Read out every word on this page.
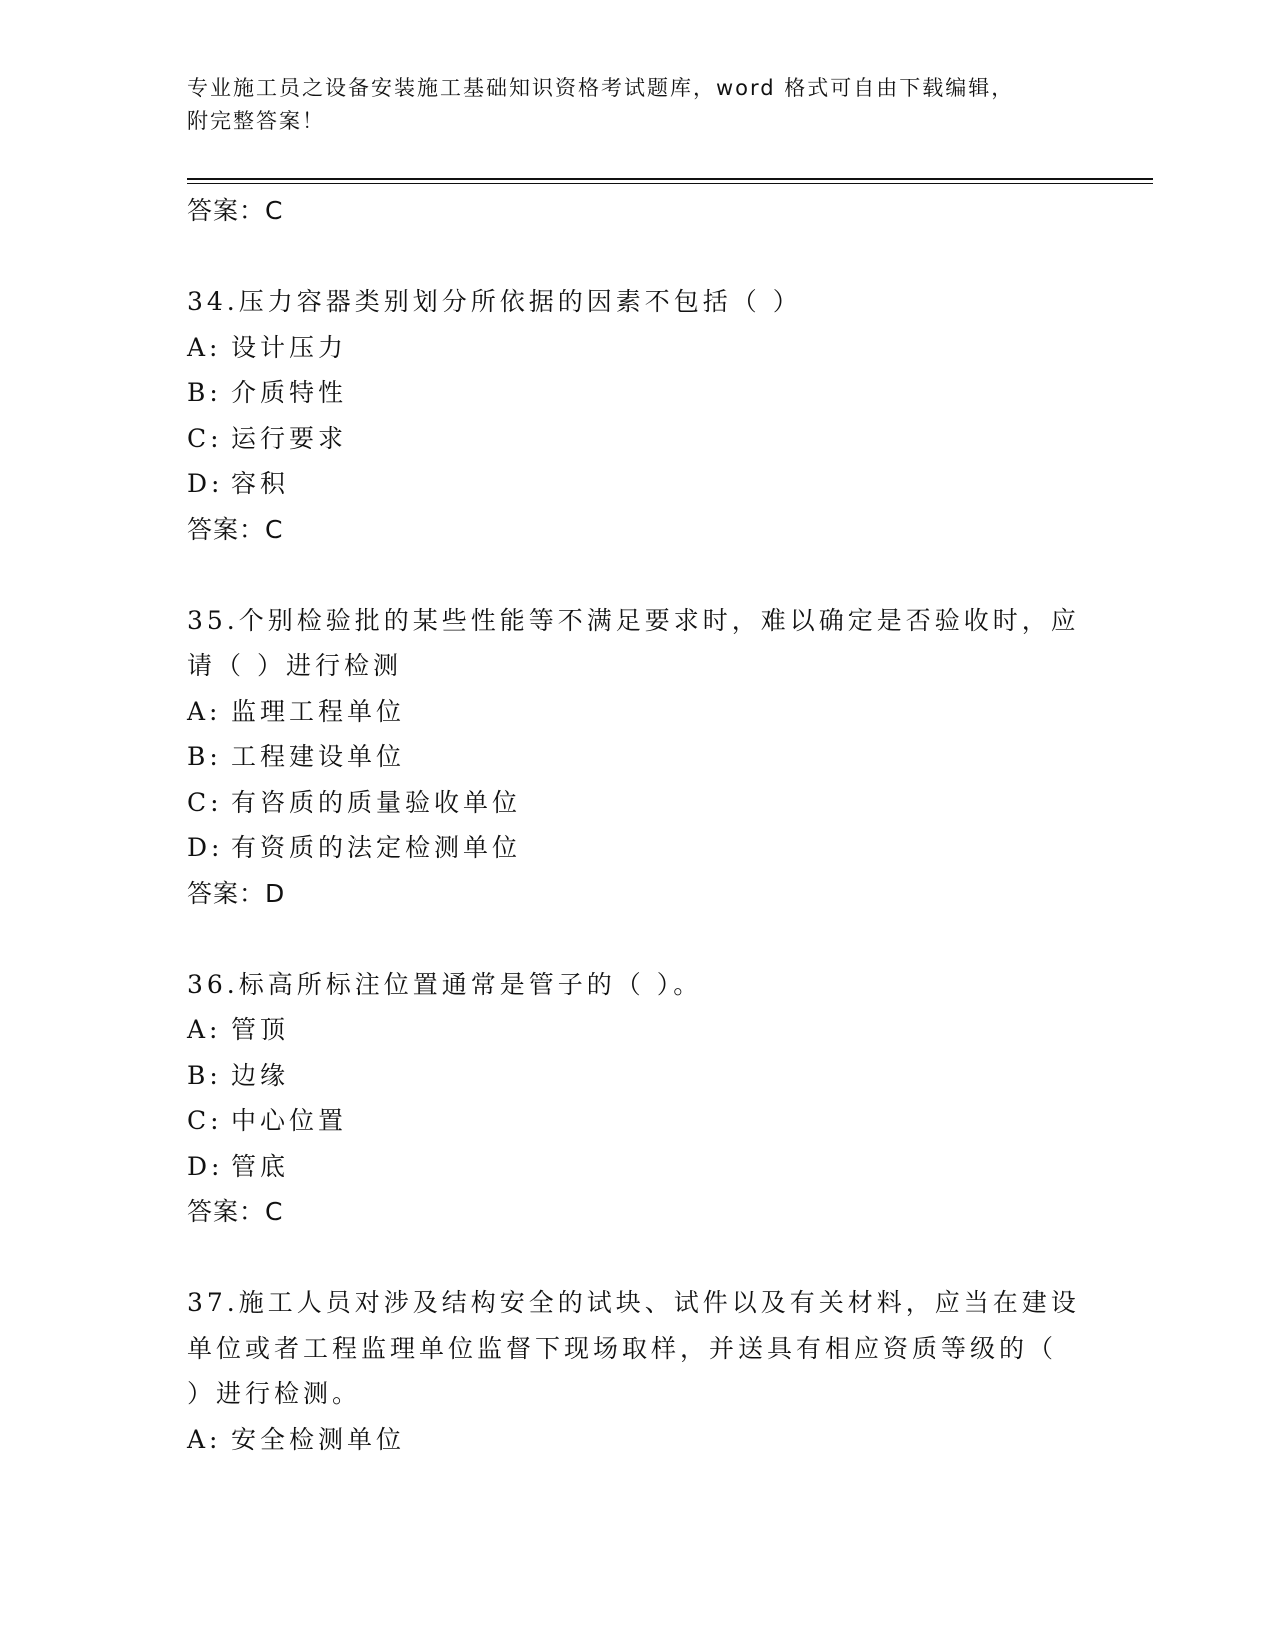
专业施工员之设备安装施工基础知识资格考试题库，word 格式可自由下载编辑，
附完整答案！
答案：C
34.压力容器类别划分所依据的因素不包括（ ）
A: 设计压力
B: 介质特性
C: 运行要求
D: 容积
答案：C
35.个别检验批的某些性能等不满足要求时，难以确定是否验收时，应
请（ ）进行检测
A: 监理工程单位
B: 工程建设单位
C: 有咨质的质量验收单位
D: 有资质的法定检测单位
答案：D
36.标高所标注位置通常是管子的（ ）。
A: 管顶
B: 边缘
C: 中心位置
D: 管底
答案：C
37.施工人员对涉及结构安全的试块、试件以及有关材料，应当在建设
单位或者工程监理单位监督下现场取样，并送具有相应资质等级的（
）进行检测。
A: 安全检测单位
